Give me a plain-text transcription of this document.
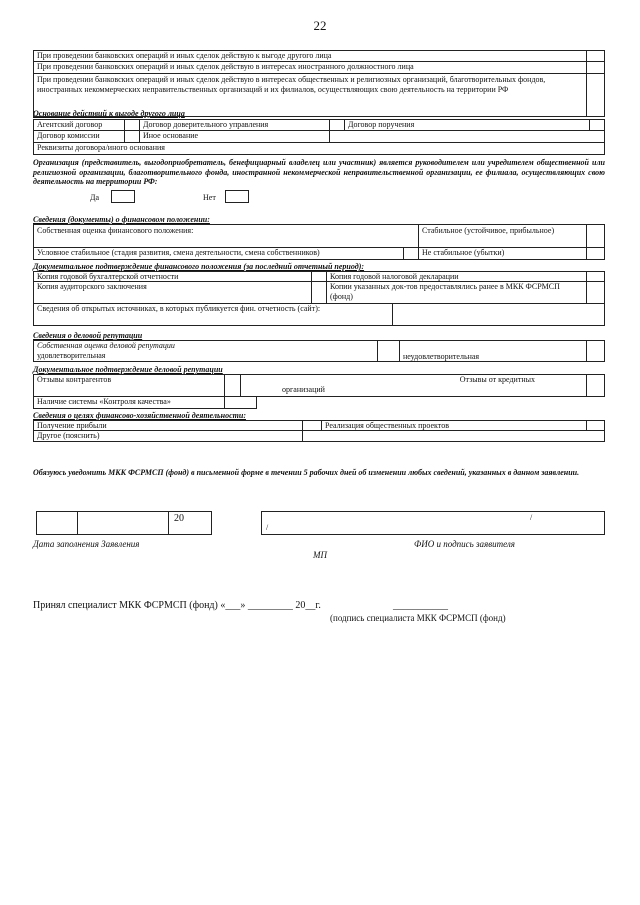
22
При проведении банковских операций и иных сделок действую к выгоде другого лица
При проведении банковских операций и иных сделок действую в интересах иностранного должностного лица
При проведении банковских операций и иных сделок действую в интересах общественных и религиозных организаций, благотворительных фондов, иностранных некоммерческих неправительственных организаций и их филиалов, осуществляющих свою деятельность на территории РФ
Основание действий к выгоде другого лица
Агентский договор	Договор доверительного управления	Договор поручения
Договор комиссии	Иное основание
Реквизиты договора/иного основания
Организация (представитель, выгодоприобретатель, бенефициарный владелец или участник) является руководителем или учредителем общественной или религиозной организации, благотворительного фонда, иностранной некоммерческой неправительственной организации, ее филиала, осуществляющих свою деятельность на территории РФ:
Да	Нет
Сведения (документы) о финансовом положении:
Собственная оценка финансового положения:	Стабильное (устойчивое, прибыльное)
Условное стабильное (стадия развития, смена деятельности, смена собственников)	Не стабильное (убытки)
Документальное подтверждение финансового положения (за последний отчетный период):
Копия годовой бухгалтерской отчетности	Копия годовой налоговой декларации
Копия аудиторского заключения	Копии указанных док-тов предоставлялись ранее в МКК ФСРМСП (фонд)
Сведения об открытых источниках, в которых публикуется фин. отчетность (сайт):
Сведения о деловой репутации
Собственная оценка деловой репутации
удовлетворительная	неудовлетворительная
Документальное подтверждение деловой репутации
Отзывы контрагентов	Отзывы от кредитных
организаций
Наличие системы «Контроля качества»
Сведения о целях финансово-хозяйственной деятельности:
Получение прибыли	Реализация общественных проектов
Другое (пояснить)
Обязуюсь уведомить МКК ФСРМСП (фонд) в письменной форме в течении 5 рабочих дней об изменении любых сведений, указанных в данном заявлении.
20
/
/
Дата заполнения Заявления	ФИО и подпись заявителя
МП
Принял специалист МКК ФСРМСП (фонд) «___» _________ 20__г.	___________
(подпись специалиста МКК ФСРМСП (фонд)
